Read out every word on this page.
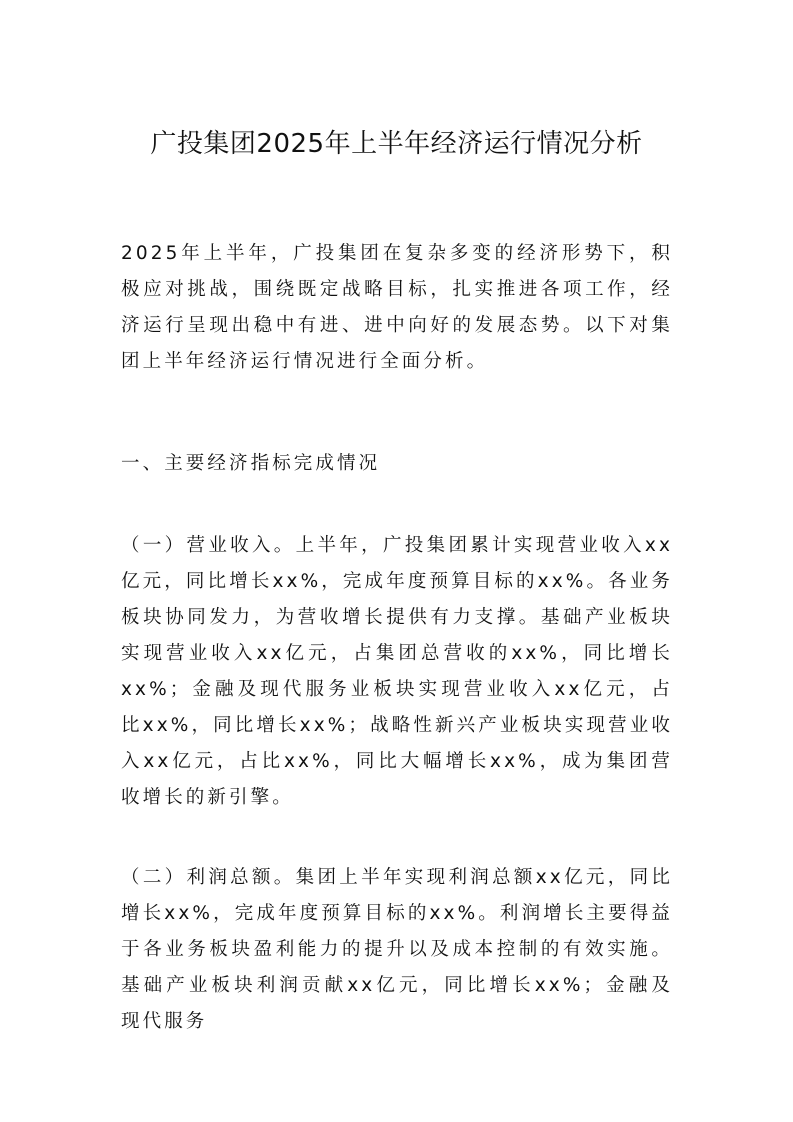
广投集团2025年上半年经济运行情况分析

2025年上半年，广投集团在复杂多变的经济形势下，积极应对挑战，围绕既定战略目标，扎实推进各项工作，经济运行呈现出稳中有进、进中向好的发展态势。以下对集团上半年经济运行情况进行全面分析。

一、主要经济指标完成情况

（一）营业收入。上半年，广投集团累计实现营业收入xx亿元，同比增长xx%，完成年度预算目标的xx%。各业务板块协同发力，为营收增长提供有力支撑。基础产业板块实现营业收入xx亿元，占集团总营收的xx%，同比增长xx%；金融及现代服务业板块实现营业收入xx亿元，占比xx%，同比增长xx%；战略性新兴产业板块实现营业收入xx亿元，占比xx%，同比大幅增长xx%，成为集团营收增长的新引擎。

（二）利润总额。集团上半年实现利润总额xx亿元，同比增长xx%，完成年度预算目标的xx%。利润增长主要得益于各业务板块盈利能力的提升以及成本控制的有效实施。基础产业板块利润贡献xx亿元，同比增长xx%；金融及现代服务
